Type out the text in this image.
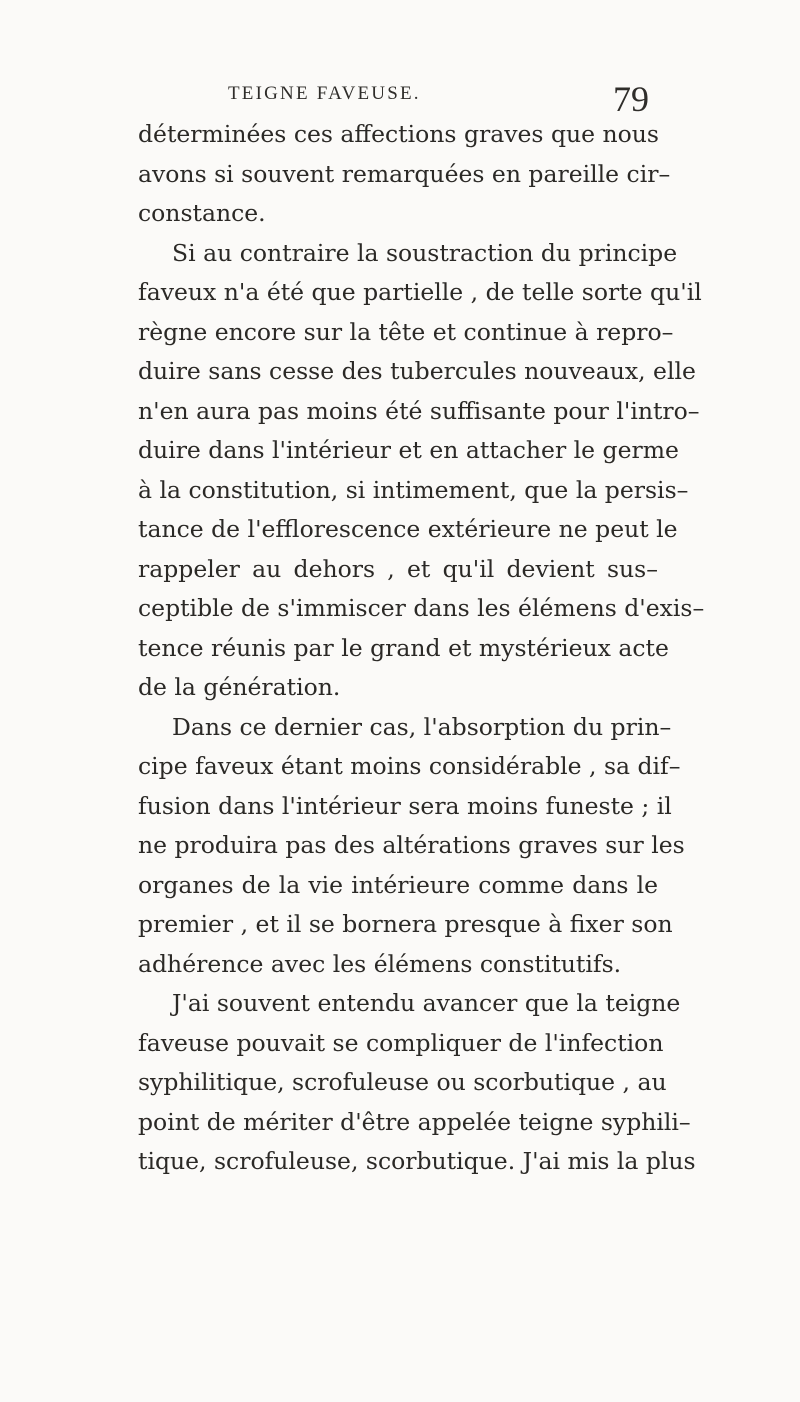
TEIGNE FAVEUSE.	79
déterminées ces affections graves que nous
avons si souvent remarquées en pareille cir–
constance.
Si au contraire la soustraction du principe
faveux n'a été que partielle , de telle sorte qu'il
règne encore sur la tête et continue à repro–
duire sans cesse des tubercules nouveaux, elle
n'en aura pas moins été suffisante pour l'intro–
duire dans l'intérieur et en attacher le germe
à la constitution, si intimement, que la persis–
tance de l'efflorescence extérieure ne peut le
rappeler au dehors , et qu'il devient sus–
ceptible de s'immiscer dans les élémens d'exis–
tence réunis par le grand et mystérieux acte
de la génération.
Dans ce dernier cas, l'absorption du prin–
cipe faveux étant moins considérable , sa dif–
fusion dans l'intérieur sera moins funeste ; il
ne produira pas des altérations graves sur les
organes de la vie intérieure comme dans le
premier , et il se bornera presque à fixer son
adhérence avec les élémens constitutifs.
J'ai souvent entendu avancer que la teigne
faveuse pouvait se compliquer de l'infection
syphilitique, scrofuleuse ou scorbutique , au
point de mériter d'être appelée teigne syphili–
tique, scrofuleuse, scorbutique. J'ai mis la plus
